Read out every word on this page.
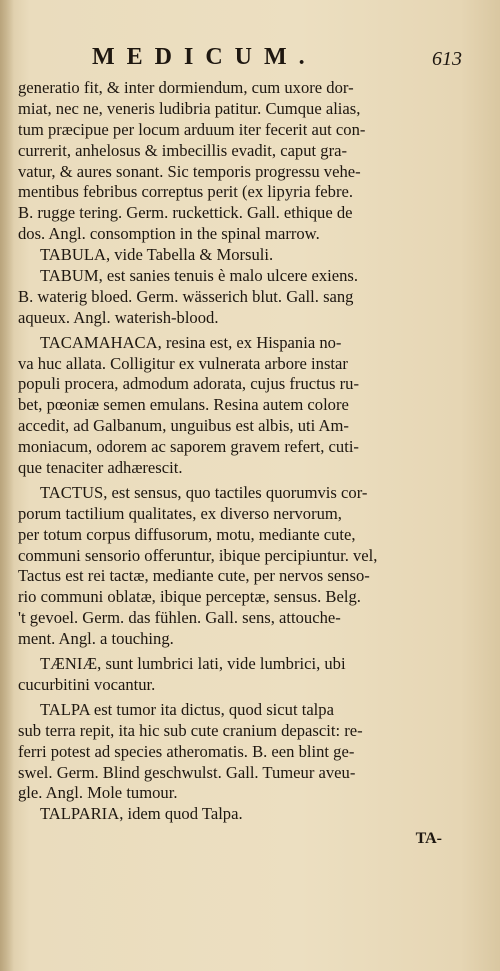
MEDICUM.	613
generatio fit, & inter dormiendum, cum uxore dor-
miat, nec ne, veneris ludibria patitur. Cumque alias,
tum præcipue per locum arduum iter fecerit aut con-
currerit, anhelosus & imbecillis evadit, caput gra-
vatur, & aures sonant. Sic temporis progressu vehe-
mentibus febribus correptus perit (ex lipyria febre.
B. rugge tering. Germ. ruckettick. Gall. ethique de
dos. Angl. consomption in the spinal marrow.
TABULA, vide Tabella & Morsuli.
TABUM, est sanies tenuis è malo ulcere exiens.
B. waterig bloed. Germ. wässerich blut. Gall. sang
aqueux. Angl. waterish-blood.
TACAMAHACA, resina est, ex Hispania no-
va huc allata. Colligitur ex vulnerata arbore instar
populi procera, admodum adorata, cujus fructus ru-
bet, pœoniæ semen emulans. Resina autem colore
accedit, ad Galbanum, unguibus est albis, uti Am-
moniacum, odorem ac saporem gravem refert, cuti-
que tenaciter adhærescit.
TACTUS, est sensus, quo tactiles quorumvis cor-
porum tactilium qualitates, ex diverso nervorum,
per totum corpus diffusorum, motu, mediante cute,
communi sensorio offeruntur, ibique percipiuntur. vel,
Tactus est rei tactæ, mediante cute, per nervos senso-
rio communi oblatæ, ibique perceptæ, sensus. Belg.
't gevoel. Germ. das fühlen. Gall. sens, attouche-
ment. Angl. a touching.
TÆNIÆ, sunt lumbrici lati, vide lumbrici, ubi
cucurbitini vocantur.
TALPA est tumor ita dictus, quod sicut talpa
sub terra repit, ita hic sub cute cranium depascit: re-
ferri potest ad species atheromatis. B. een blint ge-
swel. Germ. Blind geschwulst. Gall. Tumeur aveu-
gle. Angl. Mole tumour.
TALPARIA, idem quod Talpa.
TA-
